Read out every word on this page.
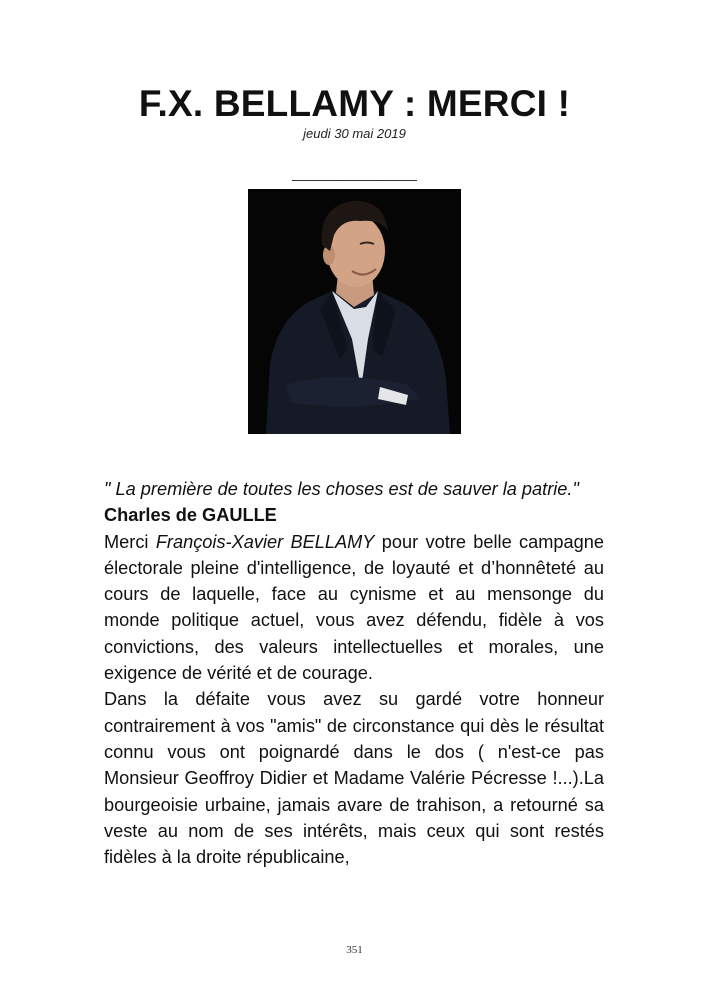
F.X. BELLAMY : MERCI !
jeudi 30 mai 2019
________________

" La première de toutes les choses est de sauver la patrie."

Charles de GAULLE

Merci François-Xavier BELLAMY pour votre belle campagne électorale pleine d'intelligence, de loyauté et d’honnêteté au cours de laquelle, face au cynisme et au mensonge du monde politique actuel, vous avez défendu, fidèle à vos convictions, des valeurs intellectuelles et morales, une exigence de vérité et de courage.

Dans la défaite vous avez su gardé votre honneur contrairement à vos "amis" de circonstance qui dès le résultat connu vous ont poignardé dans le dos ( n'est-ce pas Monsieur Geoffroy Didier et Madame Valérie Pécresse !...).La bourgeoisie urbaine, jamais avare de trahison, a retourné sa veste au nom de ses intérêts, mais ceux qui sont restés fidèles à la droite républicaine,

351
